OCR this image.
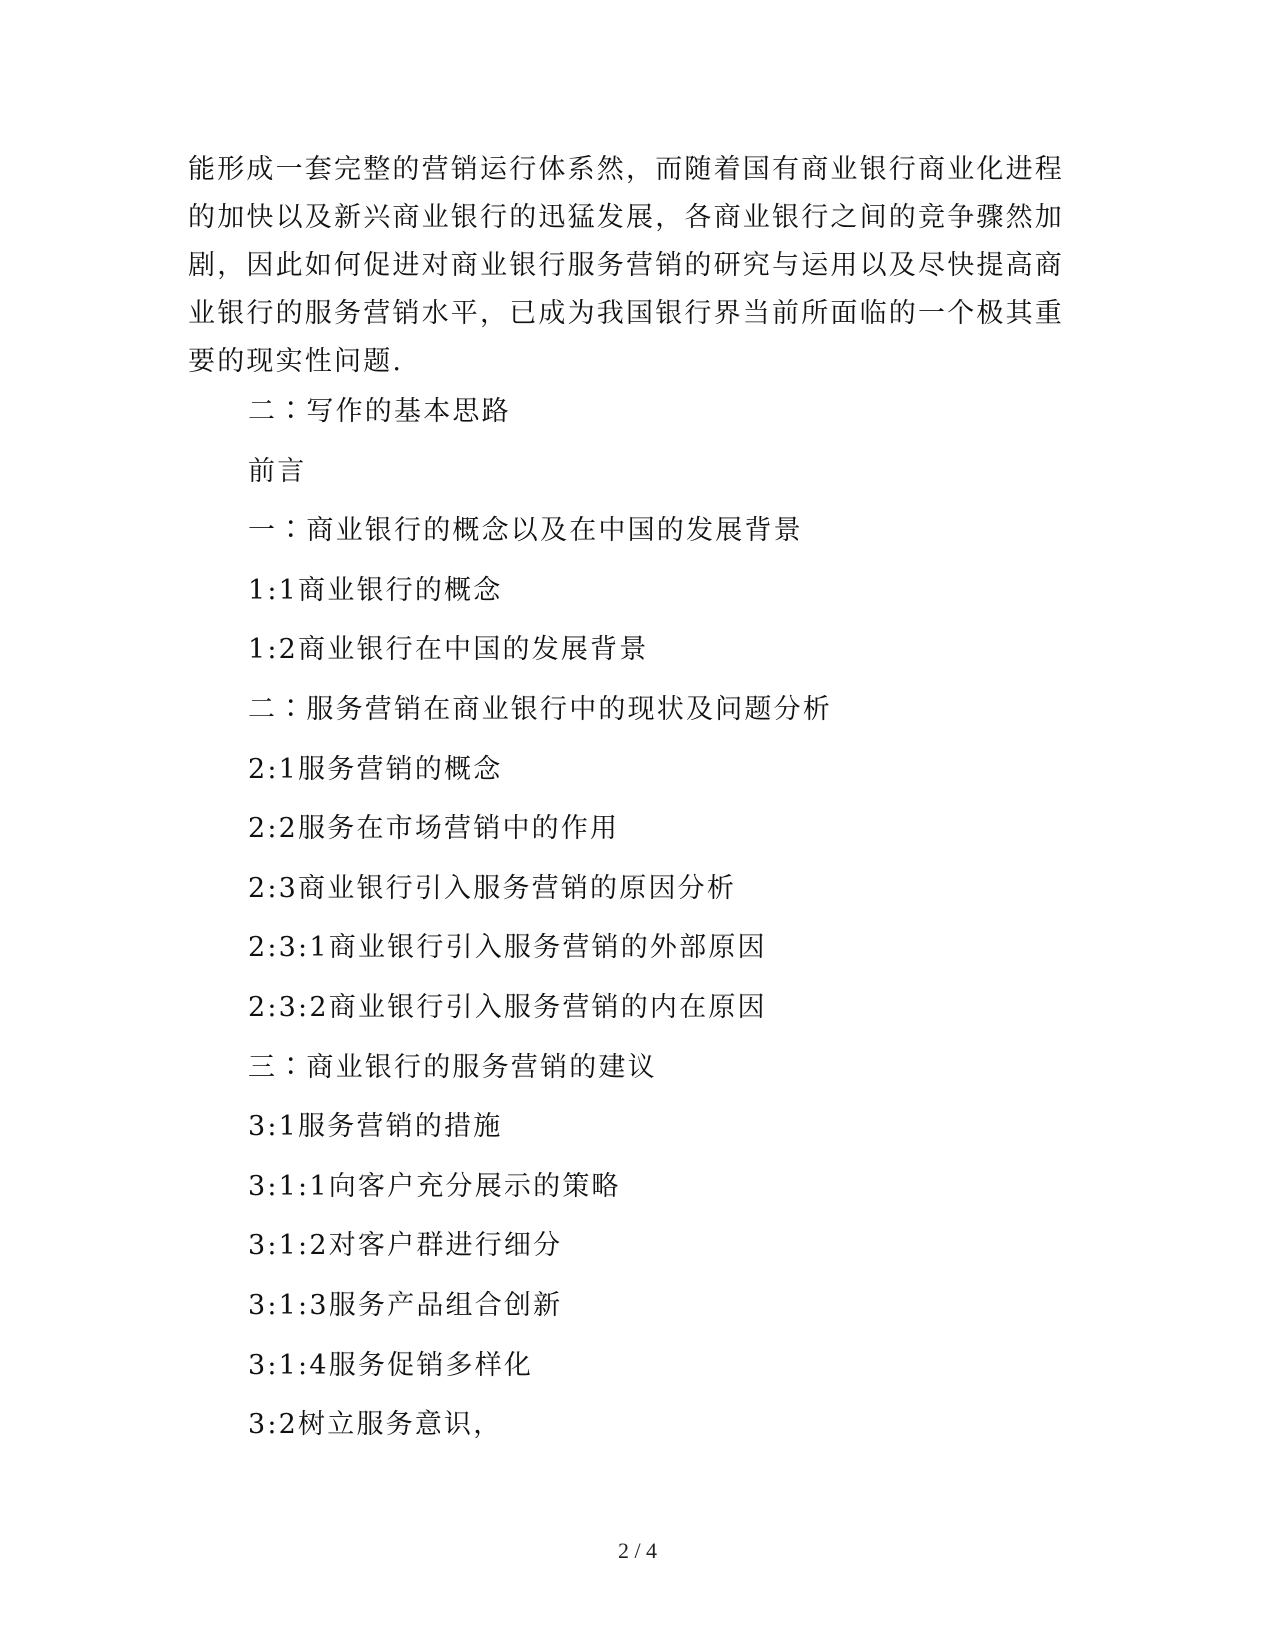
能形成一套完整的营销运行体系然，而随着国有商业银行商业化进程
的加快以及新兴商业银行的迅猛发展，各商业银行之间的竞争骤然加
剧，因此如何促进对商业银行服务营销的研究与运用以及尽快提高商
业银行的服务营销水平，已成为我国银行界当前所面临的一个极其重
要的现实性问题.
二∶写作的基本思路
前言
一∶商业银行的概念以及在中国的发展背景
1:1商业银行的概念
1:2商业银行在中国的发展背景
二∶服务营销在商业银行中的现状及问题分析
2:1服务营销的概念
2:2服务在市场营销中的作用
2:3商业银行引入服务营销的原因分析
2:3:1商业银行引入服务营销的外部原因
2:3:2商业银行引入服务营销的内在原因
三∶商业银行的服务营销的建议
3:1服务营销的措施
3:1:1向客户充分展示的策略
3:1:2对客户群进行细分
3:1:3服务产品组合创新
3:1:4服务促销多样化
3:2树立服务意识，
2 / 4
